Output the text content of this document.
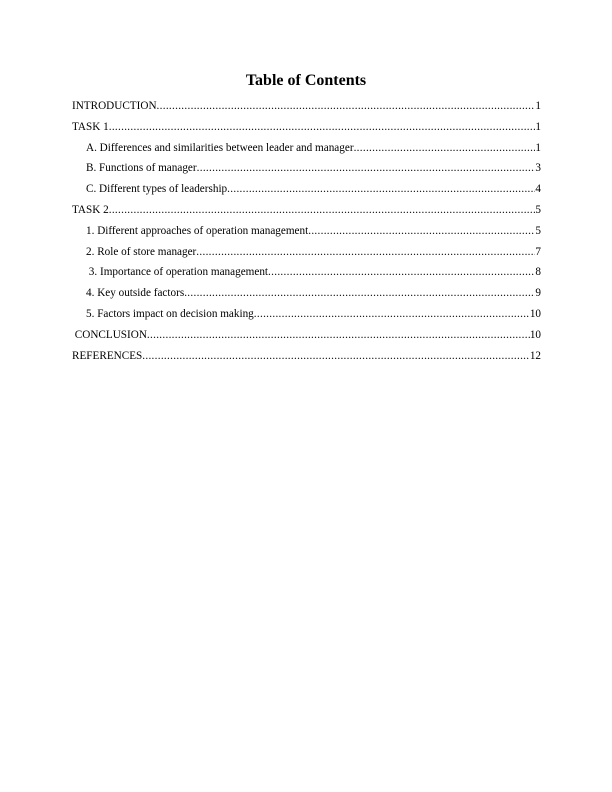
Table of Contents
INTRODUCTION .....	1
TASK 1 .....	1
A. Differences and similarities between leader and manager .....	1
B. Functions of manager .....	3
C. Different types of leadership .....	4
TASK 2 .....	5
1. Different approaches of operation management .....	5
2. Role of store manager .....	7
3. Importance of operation management .....	8
4. Key outside factors .....	9
5. Factors impact on decision making .....	10
CONCLUSION .....	10
REFERENCES .....	12
